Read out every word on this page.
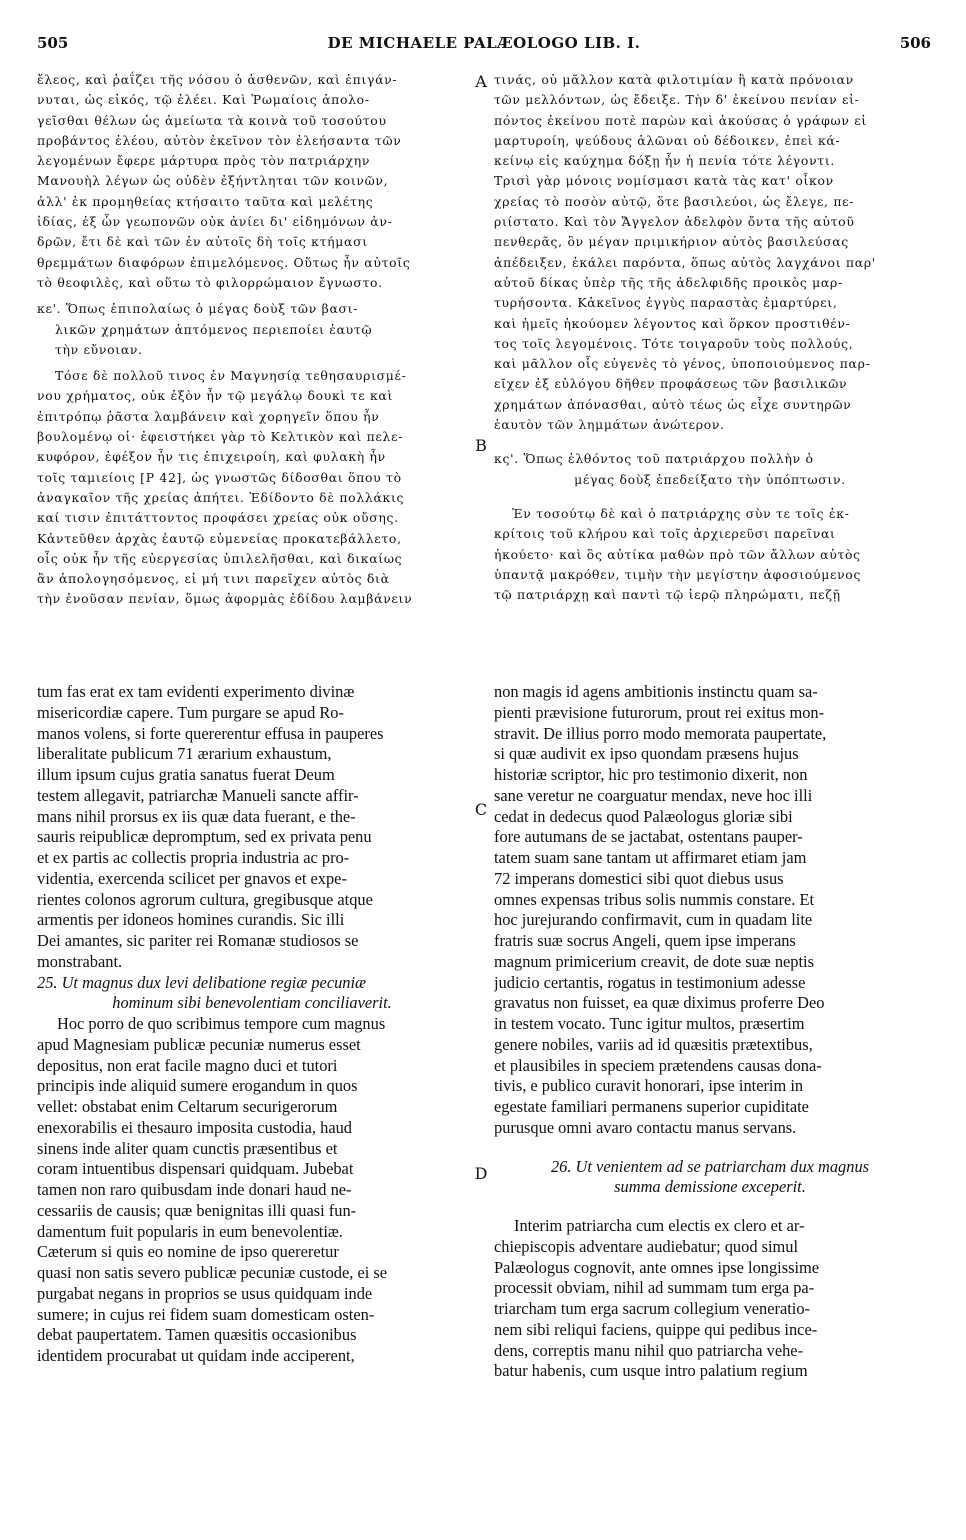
505	DE MICHAELE PALÆOLOGO LIB. I.	506
A
B
C
D
ἔλεος, καὶ ῥαΐζει τῆς νόσου ὁ ἀσθενῶν, καὶ ἐπιγάν-
νυται, ὡς εἰκός, τῷ ἐλέει. Καὶ Ῥωμαίοις ἀπολο-
γεῖσθαι θέλων ὡς ἀμείωτα τὰ κοινὰ τοῦ τοσούτου
προβάντος ἐλέου, αὐτὸν ἐκεῖνον τὸν ἐλεήσαντα τῶν
λεγομένων ἔφερε μάρτυρα πρὸς τὸν πατριάρχην
Μανουὴλ λέγων ὡς οὐδὲν ἐξήντληται τῶν κοινῶν,
ἀλλ' ἐκ προμηθείας κτήσαιτο ταῦτα καὶ μελέτης
ἰδίας, ἐξ ὧν γεωπονῶν οὐκ ἀνίει δι' εἰδημόνων ἀν-
δρῶν, ἔτι δὲ καὶ τῶν ἐν αὐτοῖς δὴ τοῖς κτήμασι
θρεμμάτων διαφόρων ἐπιμελόμενος. Οὕτως ἦν αὐτοῖς
τὸ θεοφιλὲς, καὶ οὕτω τὸ φιλορρώμαιον ἔγνωστο.
κε'. Ὅπως ἐπιπολαίως ὁ μέγας δοὺξ τῶν βασι-
λικῶν χρημάτων ἁπτόμενος περιεποίει ἑαυτῷ
τὴν εὔνοιαν.
Τόσε δὲ πολλοῦ τινος ἐν Μαγνησίᾳ τεθησαυρισμέ-
νου χρήματος, οὐκ ἐξὸν ἦν τῷ μεγάλῳ δουκὶ τε καὶ
ἐπιτρόπῳ ῥᾶστα λαμβάνειν καὶ χορηγεῖν ὅπου ἦν
βουλομένῳ οἱ· ἐφειστήκει γὰρ τὸ Κελτικὸν καὶ πελε-
κυφόρον, ἐφέξον ἦν τις ἐπιχειροίη, καὶ φυλακὴ ἦν
τοῖς ταμιείοις [P 42], ὡς γνωστῶς δίδοσθαι ὅπου τὸ
ἀναγκαῖον τῆς χρείας ἀπήτει. Ἐδίδοντο δὲ πολλάκις
καί τισιν ἐπιτάττοντος προφάσει χρείας οὐκ οὔσης.
Κἀντεῦθεν ἀρχὰς ἑαυτῷ εὐμενείας προκατεβάλλετο,
οἷς οὐκ ἦν τῆς εὐεργεσίας ὑπιλελῆσθαι, καὶ δικαίως
ἂν ἀπολογησόμενος, εἰ μή τινι παρεῖχεν αὐτὸς διὰ
τὴν ἐνοῦσαν πενίαν, ὅμως ἀφορμὰς ἐδίδου λαμβάνειν
τινάς, οὐ μᾶλλον κατὰ φιλοτιμίαν ἢ κατὰ πρόνοιαν
τῶν μελλόντων, ὡς ἔδειξε. Τὴν δ' ἐκείνου πενίαν εἰ-
πόντος ἐκείνου ποτὲ παρὼν καὶ ἀκούσας ὁ γράφων εἰ
μαρτυροίη, ψεύδους ἁλῶναι οὐ δέδοικεν, ἐπεὶ κά-
κείνῳ εἰς καύχημα δόξῃ ἦν ἡ πενία τότε λέγοντι.
Τρισὶ γὰρ μόνοις νομίσμασι κατὰ τὰς κατ' οἶκον
χρείας τὸ ποσὸν αὐτῷ, ὅτε βασιλεύοι, ὡς ἔλεγε, πε-
ριίστατο. Καὶ τὸν Ἄγγελον ἀδελφὸν ὄντα τῆς αὐτοῦ
πενθερᾶς, ὃν μέγαν πριμικήριον αὐτὸς βασιλεύσας
ἀπέδειξεν, ἐκάλει παρόντα, ὅπως αὐτὸς λαγχάνοι παρ'
αὐτοῦ δίκας ὑπὲρ τῆς τῆς ἀδελφιδῆς προικὸς μαρ-
τυρήσοντα. Κἀκεῖνος ἐγγὺς παραστὰς ἐμαρτύρει,
καὶ ἡμεῖς ἠκούομεν λέγοντος καὶ ὅρκον προστιθέν-
τος τοῖς λεγομένοις. Τότε τοιγαροῦν τοὺς πολλούς,
καὶ μᾶλλον οἷς εὐγενὲς τὸ γένος, ὑποποιούμενος παρ-
εῖχεν ἐξ εὐλόγου δῆθεν προφάσεως τῶν βασιλικῶν
χρημάτων ἀπόνασθαι, αὐτὸ τέως ὡς εἶχε συντηρῶν
ἑαυτὸν τῶν λημμάτων ἀνώτερον.
κς'. Ὅπως ἐλθόντος τοῦ πατριάρχου πολλὴν ὁ
μέγας δοὺξ ἐπεδείξατο τὴν ὑπόπτωσιν.
Ἐν τοσούτῳ δὲ καὶ ὁ πατριάρχης σὺν τε τοῖς ἐκ-
κρίτοις τοῦ κλήρου καὶ τοῖς ἀρχιερεῦσι παρεῖναι
ἠκούετο· καὶ ὃς αὐτίκα μαθὼν πρὸ τῶν ἄλλων αὐτὸς
ὑπαντᾷ μακρόθεν, τιμὴν τὴν μεγίστην ἀφοσιούμενος
τῷ πατριάρχῃ καὶ παντὶ τῷ ἱερῷ πληρώματι, πεζῇ
tum fas erat ex tam evidenti experimento divinæ
misericordiæ capere. Tum purgare se apud Ro-
manos volens, si forte quererentur effusa in pauperes
liberalitate publicum 71 ærarium exhaustum,
illum ipsum cujus gratia sanatus fuerat Deum
testem allegavit, patriarchæ Manueli sancte affir-
mans nihil prorsus ex iis quæ data fuerant, e the-
sauris reipublicæ depromptum, sed ex privata penu
et ex partis ac collectis propria industria ac pro-
videntia, exercenda scilicet per gnavos et expe-
rientes colonos agrorum cultura, gregibusque atque
armentis per idoneos homines curandis. Sic illi
Dei amantes, sic pariter rei Romanæ studiosos se
monstrabant.
25. Ut magnus dux levi delibatione regiæ pecuniæ
hominum sibi benevolentiam conciliaverit.
Hoc porro de quo scribimus tempore cum magnus
apud Magnesiam publicæ pecuniæ numerus esset
depositus, non erat facile magno duci et tutori
principis inde aliquid sumere erogandum in quos
vellet: obstabat enim Celtarum securigerorum
enexorabilis ei thesauro imposita custodia, haud
sinens inde aliter quam cunctis præsentibus et
coram intuentibus dispensari quidquam. Jubebat
tamen non raro quibusdam inde donari haud ne-
cessariis de causis; quæ benignitas illi quasi fun-
damentum fuit popularis in eum benevolentiæ.
Cæterum si quis eo nomine de ipso quereretur
quasi non satis severo publicæ pecuniæ custode, ei se
purgabat negans in proprios se usus quidquam inde
sumere; in cujus rei fidem suam domesticam osten-
debat paupertatem. Tamen quæsitis occasionibus
identidem procurabat ut quidam inde acciperent,
non magis id agens ambitionis instinctu quam sa-
pienti prævisione futurorum, prout rei exitus mon-
stravit. De illius porro modo memorata paupertate,
si quæ audivit ex ipso quondam præsens hujus
historiæ scriptor, hic pro testimonio dixerit, non
sane veretur ne coarguatur mendax, neve hoc illi
cedat in dedecus quod Palæologus gloriæ sibi
fore autumans de se jactabat, ostentans pauper-
tatem suam sane tantam ut affirmaret etiam jam
72 imperans domestici sibi quot diebus usus
omnes expensas tribus solis nummis constare. Et
hoc jurejurando confirmavit, cum in quadam lite
fratris suæ socrus Angeli, quem ipse imperans
magnum primicerium creavit, de dote suæ neptis
judicio certantis, rogatus in testimonium adesse
gravatus non fuisset, ea quæ diximus proferre Deo
in testem vocato. Tunc igitur multos, præsertim
genere nobiles, variis ad id quæsitis prætextibus,
et plausibiles in speciem prætendens causas dona-
tivis, e publico curavit honorari, ipse interim in
egestate familiari permanens superior cupiditate
purusque omni avaro contactu manus servans.
26. Ut venientem ad se patriarcham dux magnus
summa demissione exceperit.
Interim patriarcha cum electis ex clero et ar-
chiepiscopis adventare audiebatur; quod simul
Palæologus cognovit, ante omnes ipse longissime
processit obviam, nihil ad summam tum erga pa-
triarcham tum erga sacrum collegium veneratio-
nem sibi reliqui faciens, quippe qui pedibus ince-
dens, correptis manu nihil quo patriarcha vehe-
batur habenis, cum usque intro palatium regium
